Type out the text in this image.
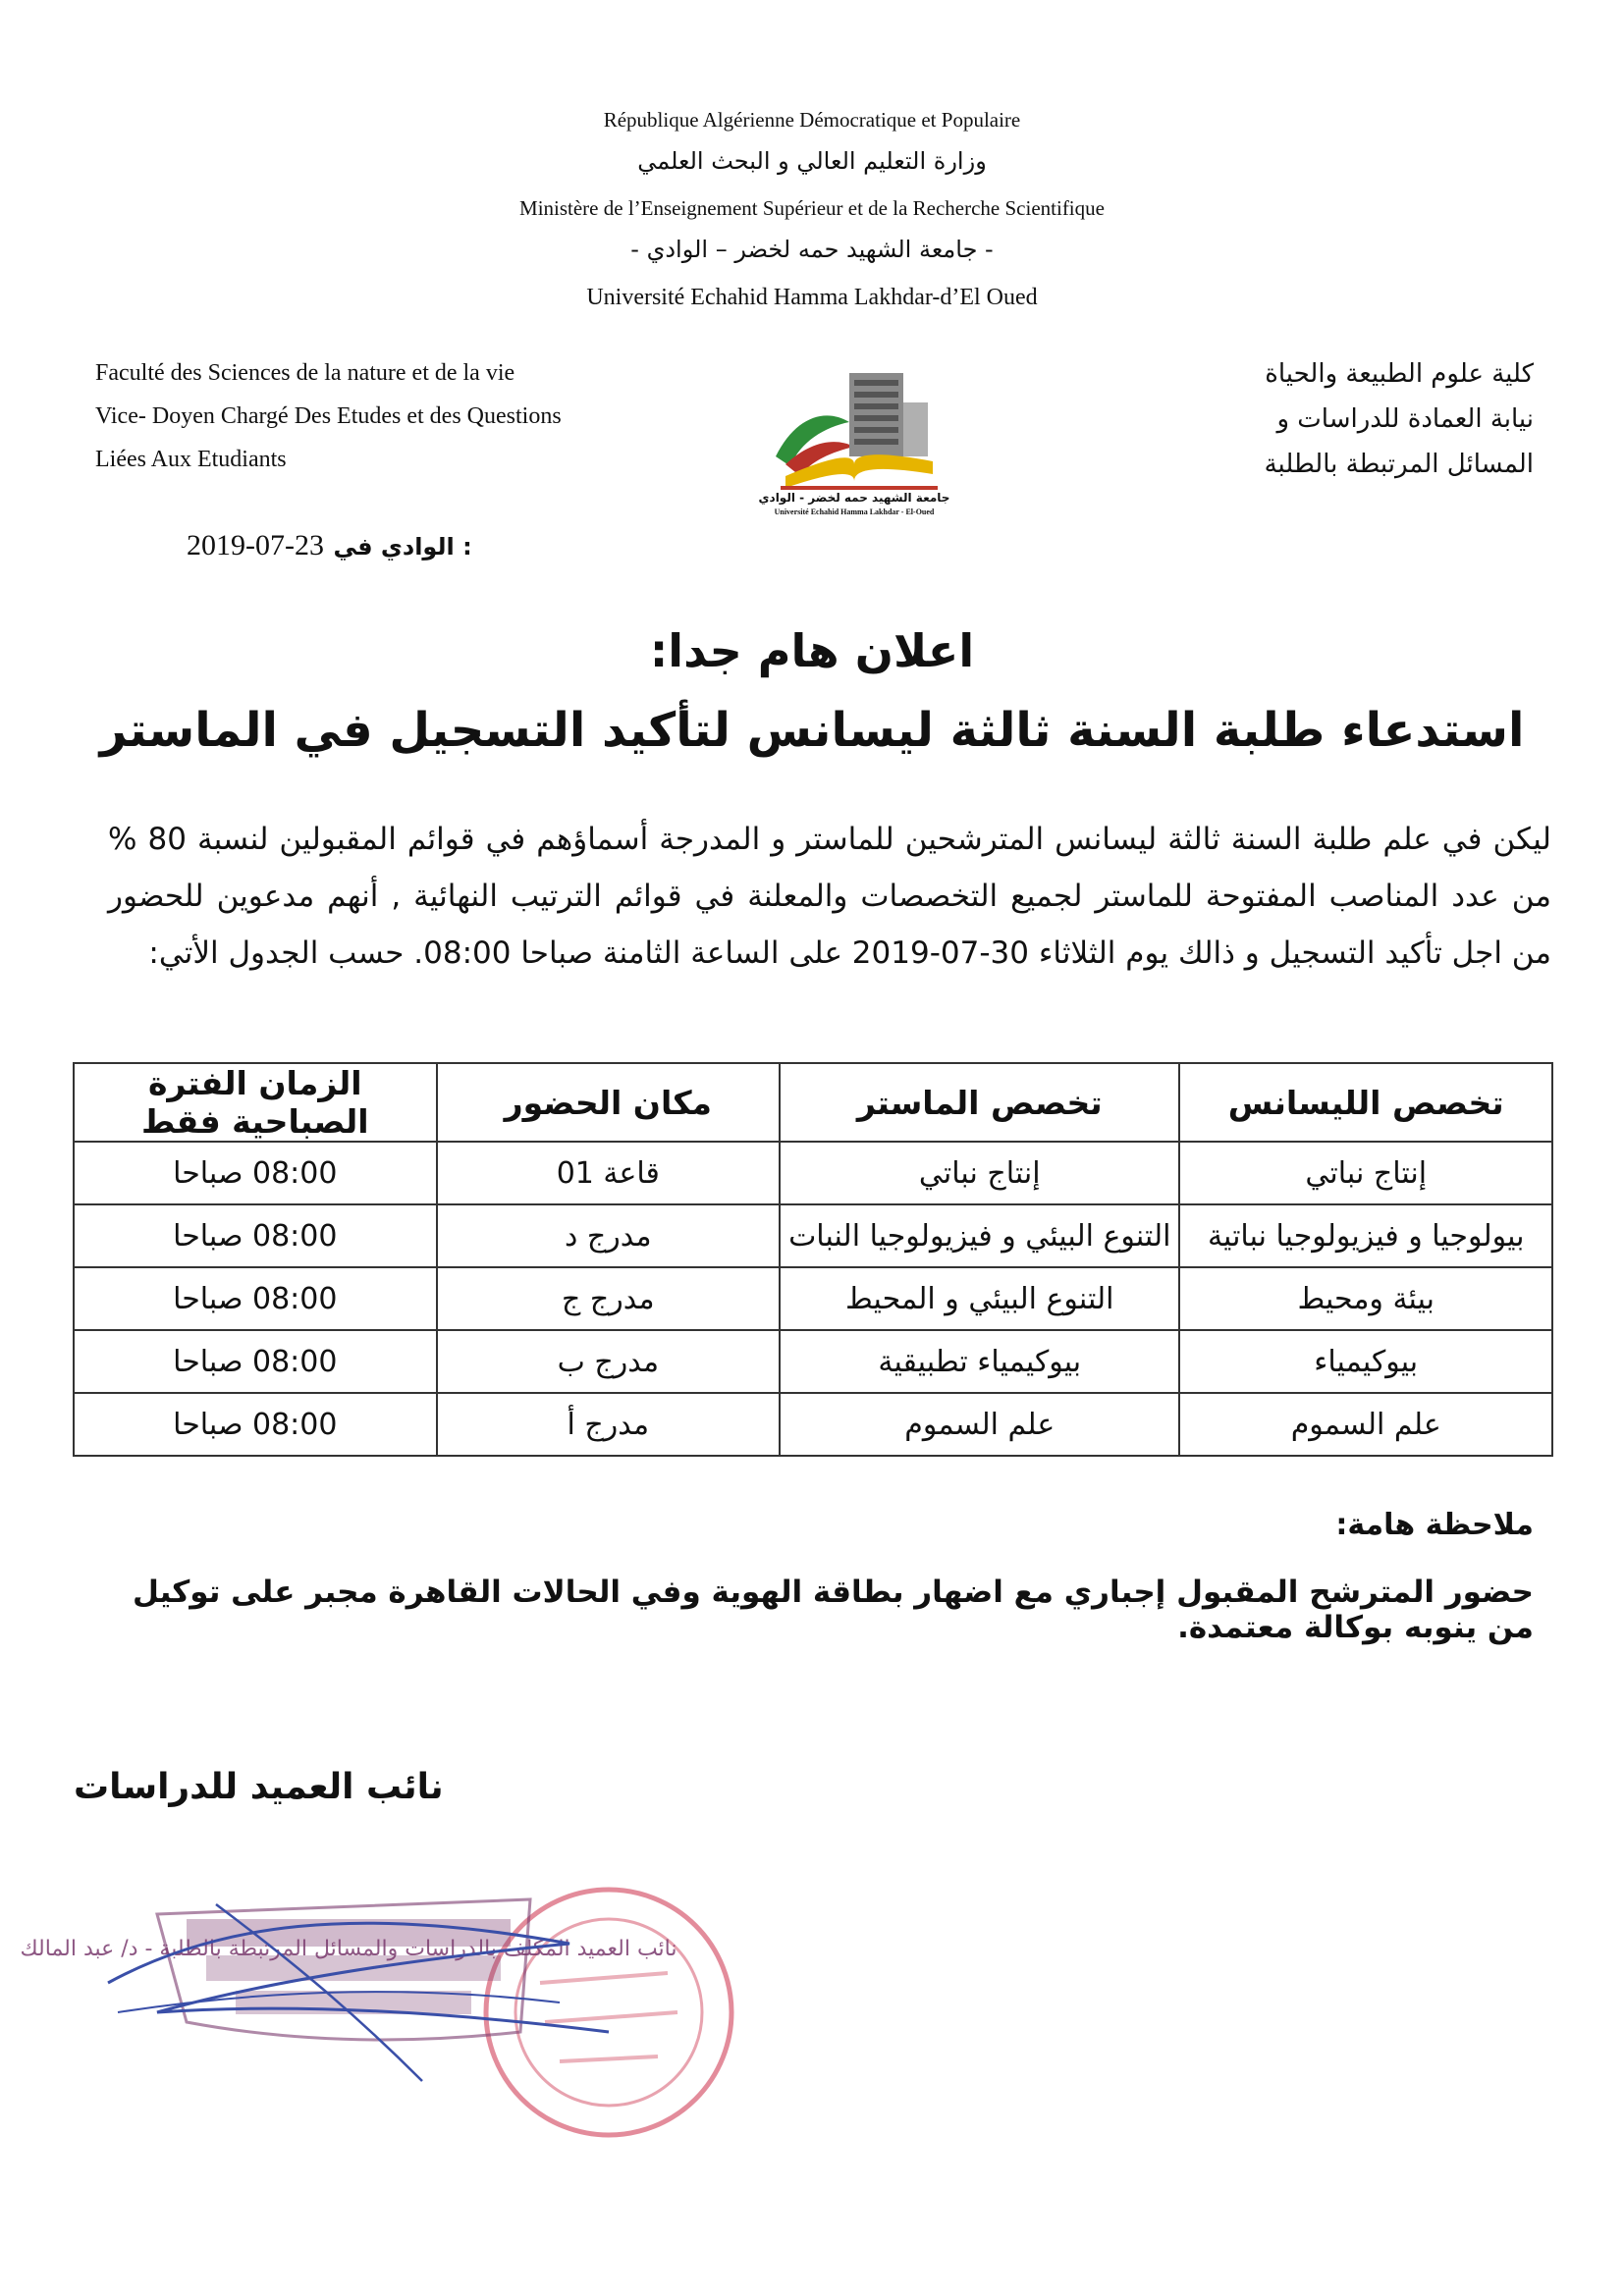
République Algérienne Démocratique et Populaire
وزارة التعليم العالي و البحث العلمي
Ministère de l’Enseignement Supérieur et de la Recherche Scientifique
- جامعة الشهيد حمه لخضر – الوادي -
Université Echahid Hamma Lakhdar-d’El Oued
Faculté des Sciences de la nature et de la vie
Vice- Doyen Chargé Des Etudes et des Questions
Liées Aux Etudiants
كلية علوم الطبيعة والحياة
نيابة العمادة للدراسات و
المسائل المرتبطة بالطلبة
جامعة الشهيد حمه لخضر - الوادي
Université Echahid Hamma Lakhdar - El-Oued
2019-07-23 الوادي في :
اعلان هام جدا:
استدعاء طلبة السنة ثالثة ليسانس لتأكيد التسجيل في الماستر
ليكن في علم طلبة السنة ثالثة ليسانس المترشحين للماستر و المدرجة أسماؤهم في قوائم المقبولين لنسبة 80 % من عدد المناصب المفتوحة للماستر لجميع التخصصات والمعلنة في قوائم الترتيب النهائية , أنهم مدعوين للحضور من اجل تأكيد التسجيل و ذالك يوم الثلاثاء 30-07-2019 على الساعة الثامنة صباحا 08:00. حسب الجدول الأتي:
تخصص الليسانس	تخصص الماستر	مكان الحضور	الزمان الفترة الصباحية فقط
إنتاج نباتي	إنتاج نباتي	قاعة 01	08:00 صباحا
بيولوجيا و فيزيولوجيا نباتية	التنوع البيئي و فيزيولوجيا النبات	مدرج د	08:00 صباحا
بيئة ومحيط	التنوع البيئي و المحيط	مدرج ج	08:00 صباحا
بيوكيمياء	بيوكيمياء تطبيقية	مدرج ب	08:00 صباحا
علم السموم	علم السموم	مدرج أ	08:00 صباحا
ملاحظة هامة:
حضور المترشح المقبول إجباري مع اضهار بطاقة الهوية وفي الحالات القاهرة مجبر على توكيل من ينوبه بوكالة معتمدة.
نائب العميد للدراسات
نائب العميد المكلف بالدراسات والمسائل المرتبطة بالطلبة - د/ عبد المالك
